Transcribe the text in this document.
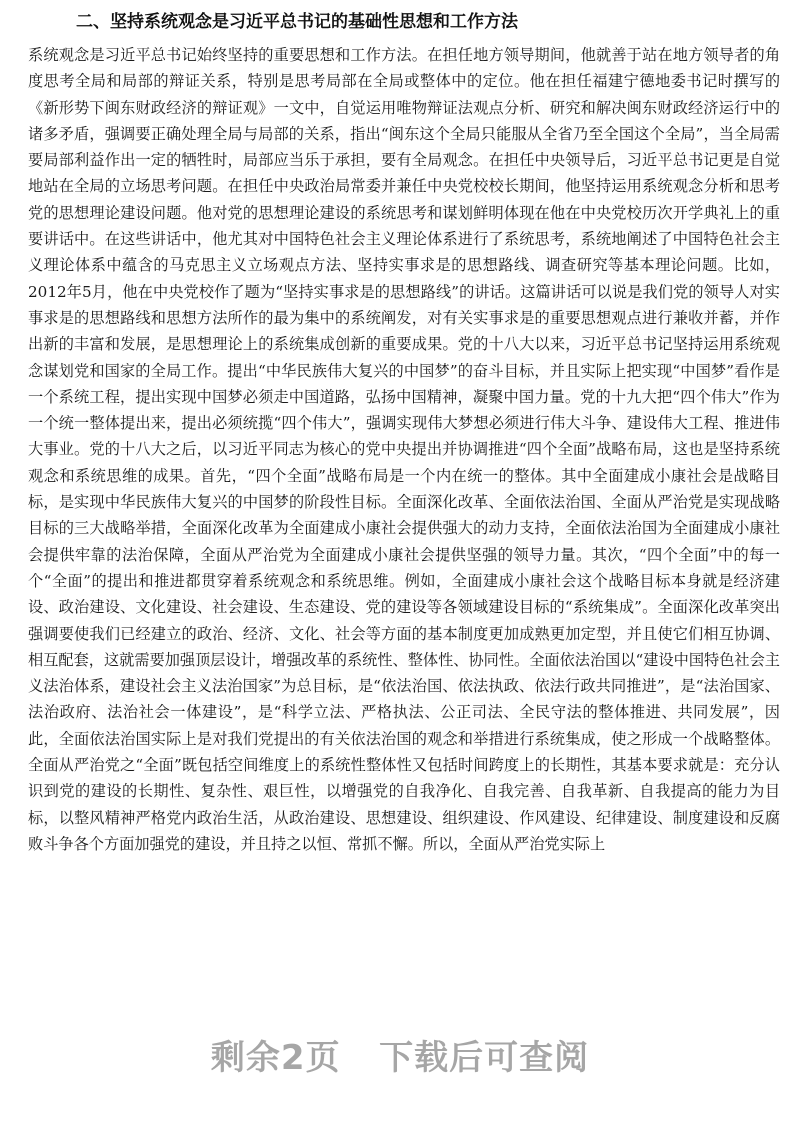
二、坚持系统观念是习近平总书记的基础性思想和工作方法

系统观念是习近平总书记始终坚持的重要思想和工作方法。在担任地方领导期间，他就善于站在地方领导者的角度思考全局和局部的辩证关系，特别是思考局部在全局或整体中的定位。他在担任福建宁德地委书记时撰写的《新形势下闽东财政经济的辩证观》一文中，自觉运用唯物辩证法观点分析、研究和解决闽东财政经济运行中的诸多矛盾，强调要正确处理全局与局部的关系，指出“闽东这个全局只能服从全省乃至全国这个全局”，当全局需要局部利益作出一定的牺牲时，局部应当乐于承担，要有全局观念。在担任中央领导后，习近平总书记更是自觉地站在全局的立场思考问题。在担任中央政治局常委并兼任中央党校校长期间，他坚持运用系统观念分析和思考党的思想理论建设问题。他对党的思想理论建设的系统思考和谋划鲜明体现在他在中央党校历次开学典礼上的重要讲话中。在这些讲话中，他尤其对中国特色社会主义理论体系进行了系统思考，系统地阐述了中国特色社会主义理论体系中蕴含的马克思主义立场观点方法、坚持实事求是的思想路线、调查研究等基本理论问题。比如，2012年5月，他在中央党校作了题为“坚持实事求是的思想路线”的讲话。这篇讲话可以说是我们党的领导人对实事求是的思想路线和思想方法所作的最为集中的系统阐发，对有关实事求是的重要思想观点进行兼收并蓄，并作出新的丰富和发展，是思想理论上的系统集成创新的重要成果。党的十八大以来，习近平总书记坚持运用系统观念谋划党和国家的全局工作。提出“中华民族伟大复兴的中国梦”的奋斗目标，并且实际上把实现“中国梦”看作是一个系统工程，提出实现中国梦必须走中国道路，弘扬中国精神，凝聚中国力量。党的十九大把“四个伟大”作为一个统一整体提出来，提出必须统揽“四个伟大”，强调实现伟大梦想必须进行伟大斗争、建设伟大工程、推进伟大事业。党的十八大之后，以习近平同志为核心的党中央提出并协调推进“四个全面”战略布局，这也是坚持系统观念和系统思维的成果。首先，“四个全面”战略布局是一个内在统一的整体。其中全面建成小康社会是战略目标，是实现中华民族伟大复兴的中国梦的阶段性目标。全面深化改革、全面依法治国、全面从严治党是实现战略目标的三大战略举措，全面深化改革为全面建成小康社会提供强大的动力支持，全面依法治国为全面建成小康社会提供牢靠的法治保障，全面从严治党为全面建成小康社会提供坚强的领导力量。其次，“四个全面”中的每一个“全面”的提出和推进都贯穿着系统观念和系统思维。例如，全面建成小康社会这个战略目标本身就是经济建设、政治建设、文化建设、社会建设、生态建设、党的建设等各领域建设目标的“系统集成”。全面深化改革突出强调要使我们已经建立的政治、经济、文化、社会等方面的基本制度更加成熟更加定型，并且使它们相互协调、相互配套，这就需要加强顶层设计，增强改革的系统性、整体性、协同性。全面依法治国以“建设中国特色社会主义法治体系，建设社会主义法治国家”为总目标，是“依法治国、依法执政、依法行政共同推进”，是“法治国家、法治政府、法治社会一体建设”，是“科学立法、严格执法、公正司法、全民守法的整体推进、共同发展”，因此，全面依法治国实际上是对我们党提出的有关依法治国的观念和举措进行系统集成，使之形成一个战略整体。全面从严治党之“全面”既包括空间维度上的系统性整体性又包括时间跨度上的长期性，其基本要求就是：充分认识到党的建设的长期性、复杂性、艰巨性，以增强党的自我净化、自我完善、自我革新、自我提高的能力为目标，以整风精神严格党内政治生活，从政治建设、思想建设、组织建设、作风建设、纪律建设、制度建设和反腐败斗争各个方面加强党的建设，并且持之以恒、常抓不懈。所以，全面从严治党实际上

剩余2页   下载后可查阅
